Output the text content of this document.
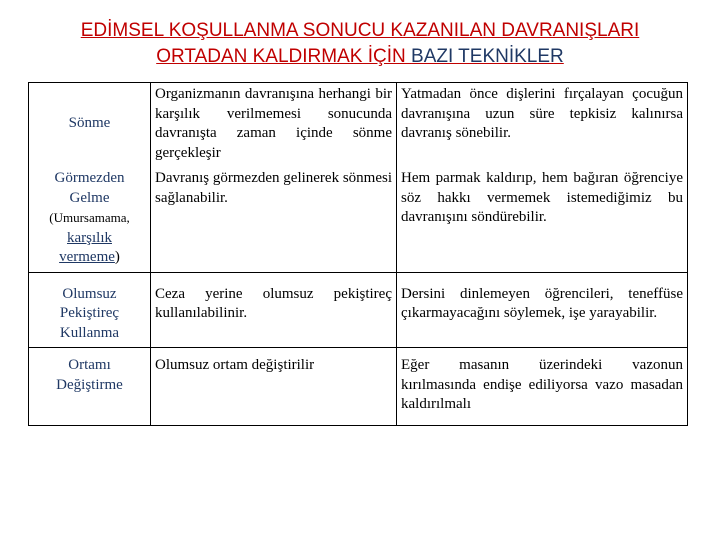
EDİMSEL KOŞULLANMA SONUCU KAZANILAN DAVRANIŞLARI
ORTADAN KALDIRMAK İÇİN BAZI TEKNİKLER
Sönme	Organizmanın davranışına herhangi bir karşılık verilmemesi sonucunda davranışta zaman içinde sönme gerçekleşir	Yatmadan önce dişlerini fırçalayan çocuğun davranışına uzun süre tepkisiz kalınırsa davranış sönebilir.
Görmezden
Gelme
(Umursamama,
karşılık
vermeme)	Davranış görmezden gelinerek sönmesi sağlanabilir.	Hem parmak kaldırıp, hem bağıran öğrenciye söz hakkı vermemek istemediğimiz bu davranışını söndürebilir.
Olumsuz
Pekiştireç
Kullanma	Ceza yerine olumsuz pekiştireç kullanılabilinir.	Dersini dinlemeyen öğrencileri, teneffüse çıkarmayacağını söylemek, işe yarayabilir.
Ortamı
Değiştirme	Olumsuz ortam değiştirilir	Eğer masanın üzerindeki vazonun kırılmasında endişe ediliyorsa vazo masadan kaldırılmalı
